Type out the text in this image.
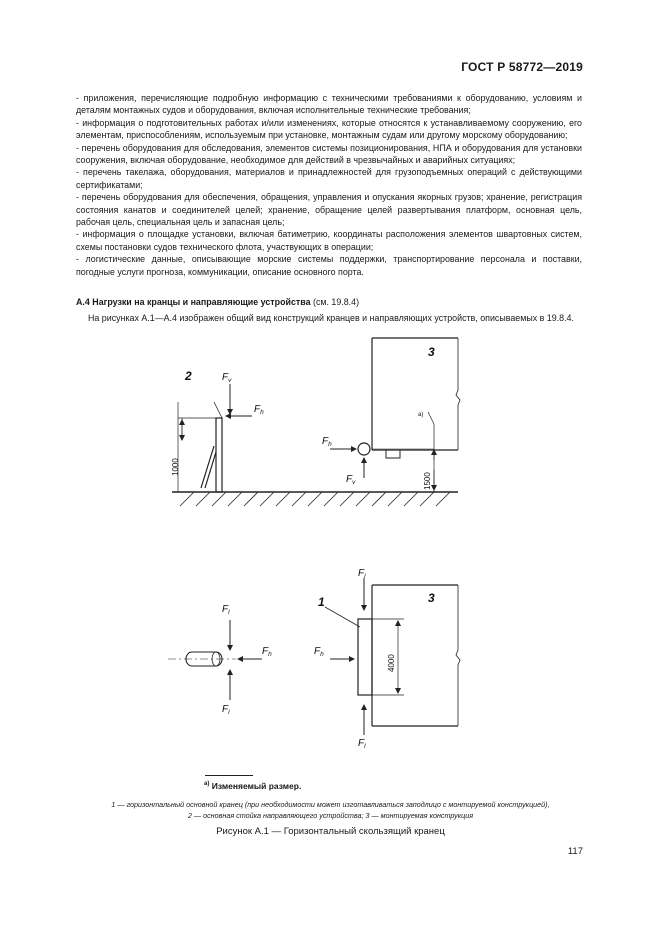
ГОСТ Р 58772—2019

- приложения, перечисляющие подробную информацию с техническими требованиями к оборудованию, условиям и деталям монтажных судов и оборудования, включая исполнительные технические требования;

- информация о подготовительных работах и/или изменениях, которые относятся к устанавливаемому сооружению, его элементам, приспособлениям, используемым при установке, монтажным судам или другому морскому оборудованию;

- перечень оборудования для обследования, элементов системы позиционирования, НПА и оборудования для установки сооружения, включая оборудование, необходимое для действий в чрезвычайных и аварийных ситуациях;

- перечень такелажа, оборудования, материалов и принадлежностей для грузоподъемных операций с действующими сертификатами;

- перечень оборудования для обеспечения, обращения, управления и опускания якорных грузов; хранение, регистрация состояния канатов и соединителей целей; хранение, обращение целей развертывания платформ, основная цель, рабочая цель, специальная цель и запасная цель;

- информация о площадке установки, включая батиметрию, координаты расположения элементов швартовных систем, схемы постановки судов технического флота, участвующих в операции;

- логистические данные, описывающие морские системы поддержки, транспортирование персонала и поставки, погодные услуги прогноза, коммуникации, описание основного порта.

А.4 Нагрузки на кранцы и направляющие устройства (см. 19.8.4)
На рисунках А.1—А.4 изображен общий вид конструкций кранцев и направляющих устройств, описываемых в 19.8.4.
2	$F_v$
$F_h$
1000
3
a)
$F_h$
$F_v$	1500
$F_l$
$F_h$
$F_l$
1	3
$F_l$
$F_h$
$F_l$
4000
$^{a)}$ Изменяемый размер.
1 — горизонтальный основной кранец (при необходимости может изготавливаться заподлицо с монтируемой конструкцией),
2 — основная стойка направляющего устройства; 3 — монтируемая конструкция
Рисунок А.1 — Горизонтальный скользящий кранец
117
